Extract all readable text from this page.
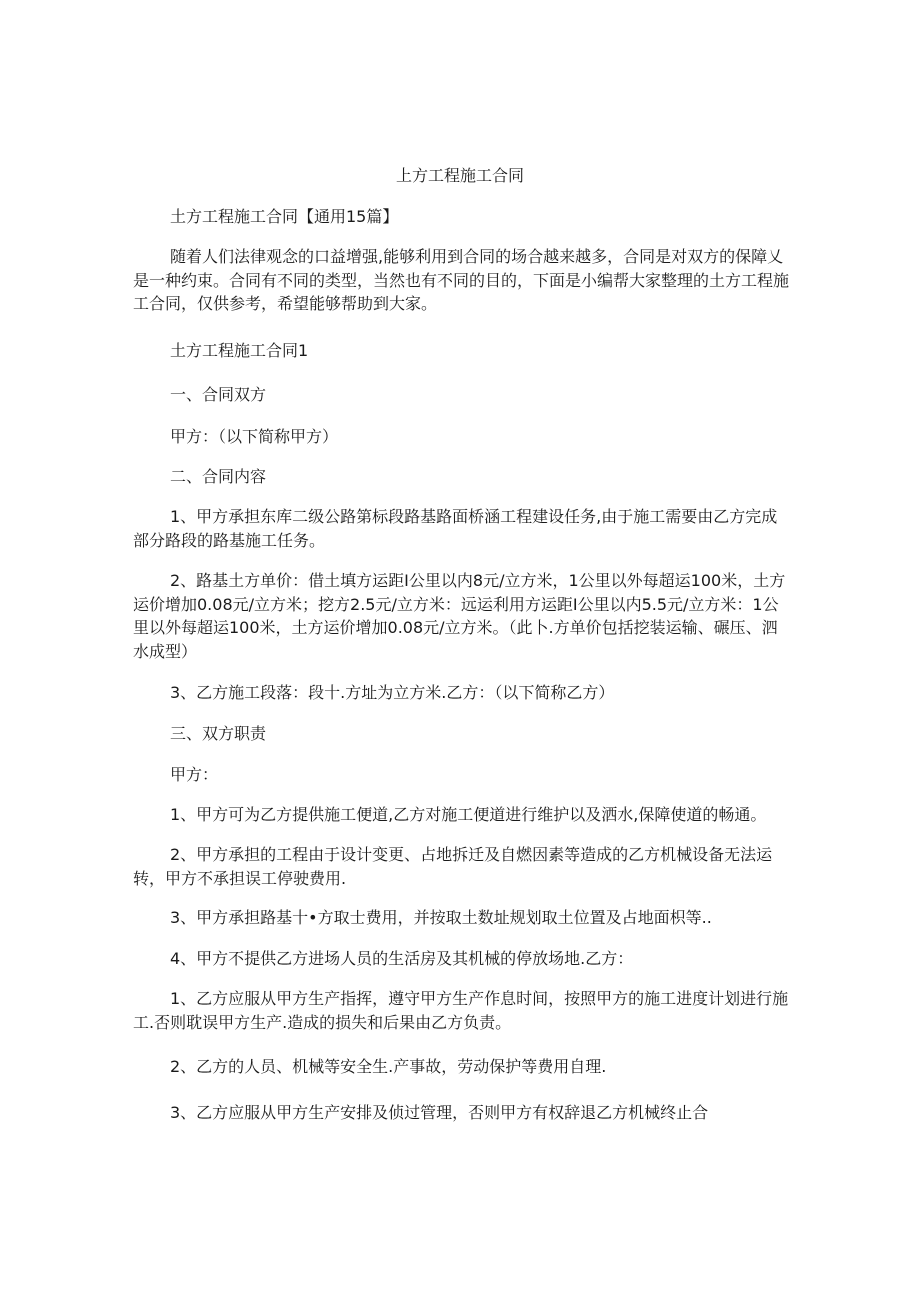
上方工程施工合同

土方工程施工合同【通用15篇】

随着人们法律观念的口益增强,能够利用到合同的场合越来越多，合同是对双方的保障乂是一种约束。合同有不同的类型，当然也有不同的目的，下面是小编帮大家整理的土方工程施工合同，仅供参考，希望能够帮助到大家。

土方工程施工合同1

一、合同双方

甲方：（以下简称甲方）

二、合同内容

1、甲方承担东库二级公路第标段路基路面桥涵工程建设任务,由于施工需要由乙方完成部分路段的路基施工任务。

2、路基土方单价：借土填方运距I公里以内8元/立方米，1公里以外每超运100米，土方运价增加0.08元/立方米；挖方2.5元/立方米：远运利用方运距I公里以内5.5元/立方米：1公里以外每超运100米，土方运价增加0.08元/立方米。（此卜.方单价包括挖装运输、碾压、泗水成型）

3、乙方施工段落：段十.方址为立方米.乙方：（以下简称乙方）

三、双方职责

甲方：

1、甲方可为乙方提供施工便道,乙方对施工便道进行维护以及洒水,保障使道的畅通。

2、甲方承担的工程由于设计变更、占地拆迁及自燃因素等造成的乙方机械设备无法运转，甲方不承担误工停驶费用.

3、甲方承担路基十•方取士费用，并按取土数址规划取土位置及占地面枳等..

4、甲方不提供乙方进场人员的生活房及其机械的停放场地.乙方：

1、乙方应服从甲方生产指挥，遵守甲方生产作息时间，按照甲方的施工进度计划进行施工.否则耽误甲方生产.造成的损失和后果由乙方负责。

2、乙方的人员、机械等安全生.产事故，劳动保护等费用自理.

3、乙方应服从甲方生产安排及侦过管理，否则甲方有权辞退乙方机械终止合
